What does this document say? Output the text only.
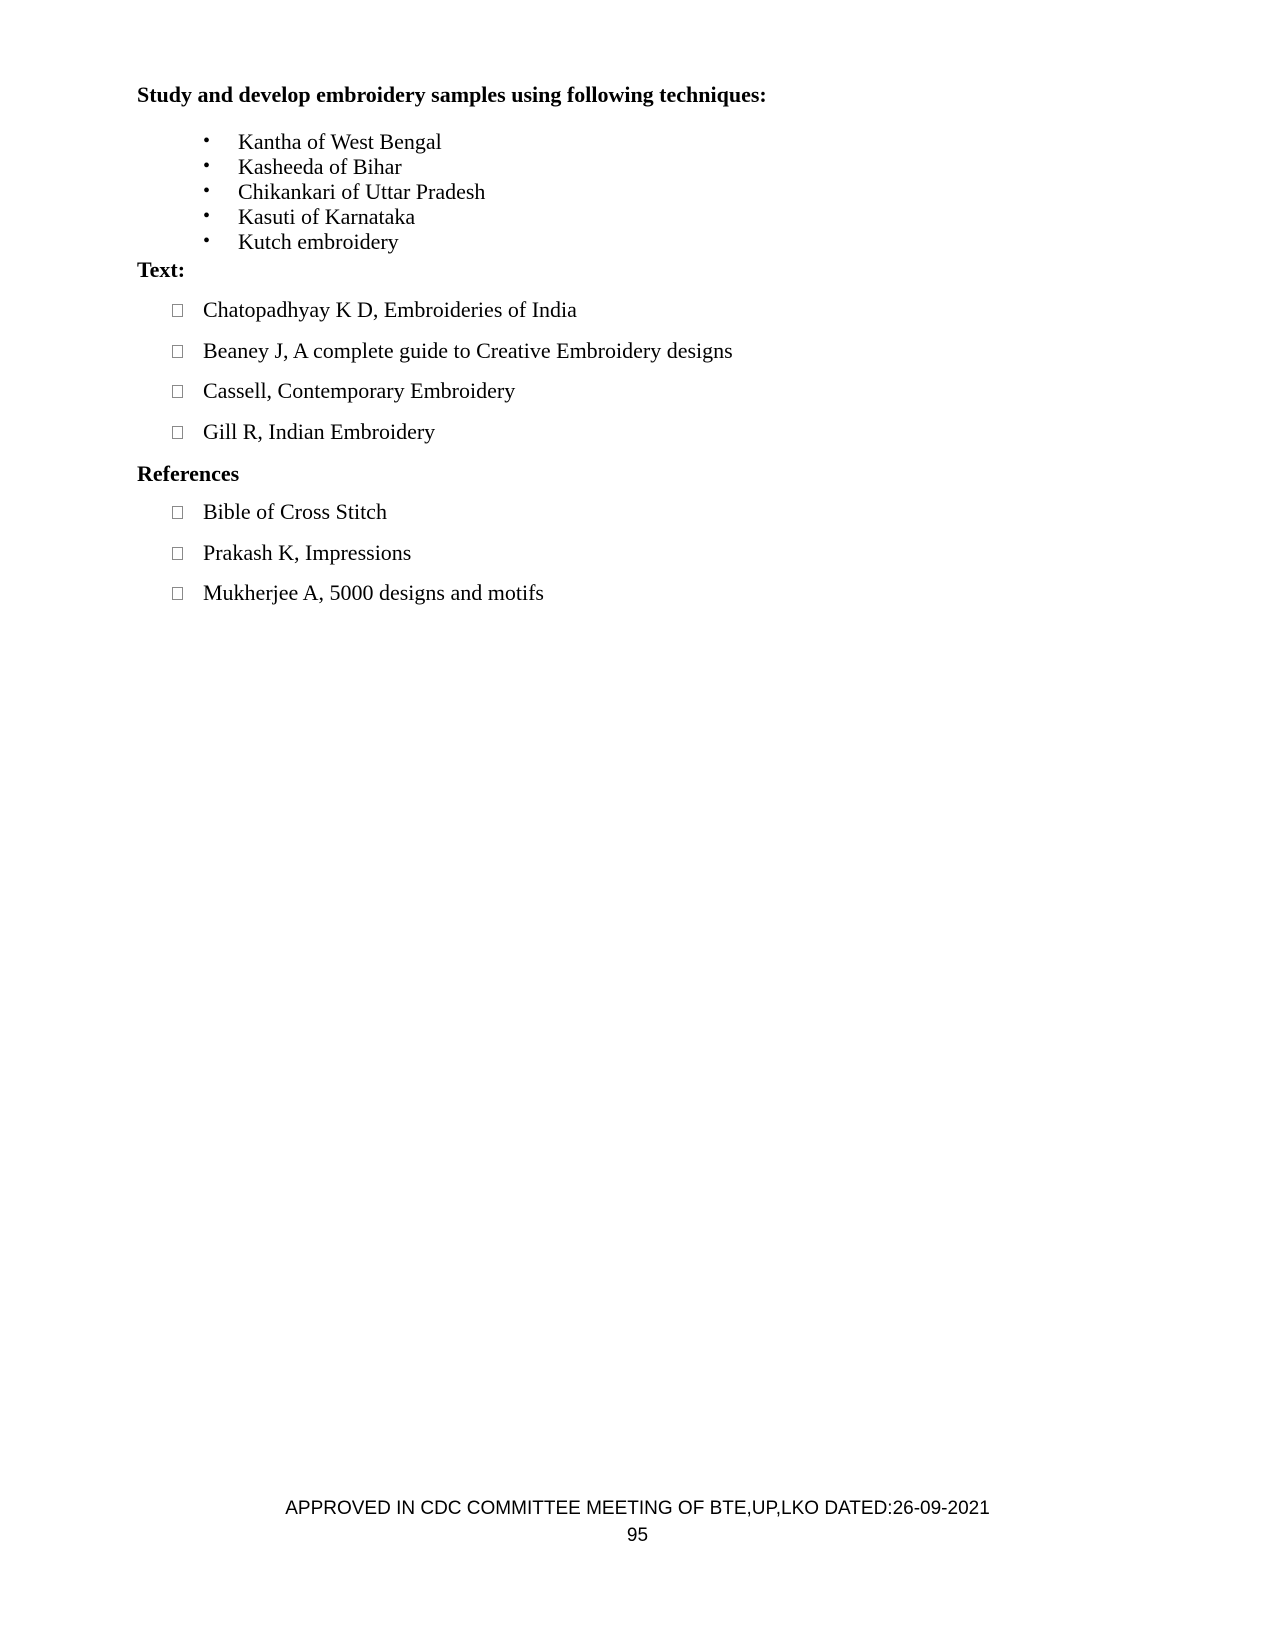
Study and develop embroidery samples using following techniques:
• Kantha of West Bengal
• Kasheeda of Bihar
• Chikankari of Uttar Pradesh
• Kasuti of Karnataka
• Kutch embroidery
Text:
Chatopadhyay K D, Embroideries of India
Beaney J, A complete guide to Creative Embroidery designs
Cassell, Contemporary Embroidery
Gill R, Indian Embroidery
References
Bible of Cross Stitch
Prakash K, Impressions
Mukherjee A, 5000 designs and motifs
APPROVED IN CDC COMMITTEE MEETING OF BTE,UP,LKO DATED:26-09-2021
95
